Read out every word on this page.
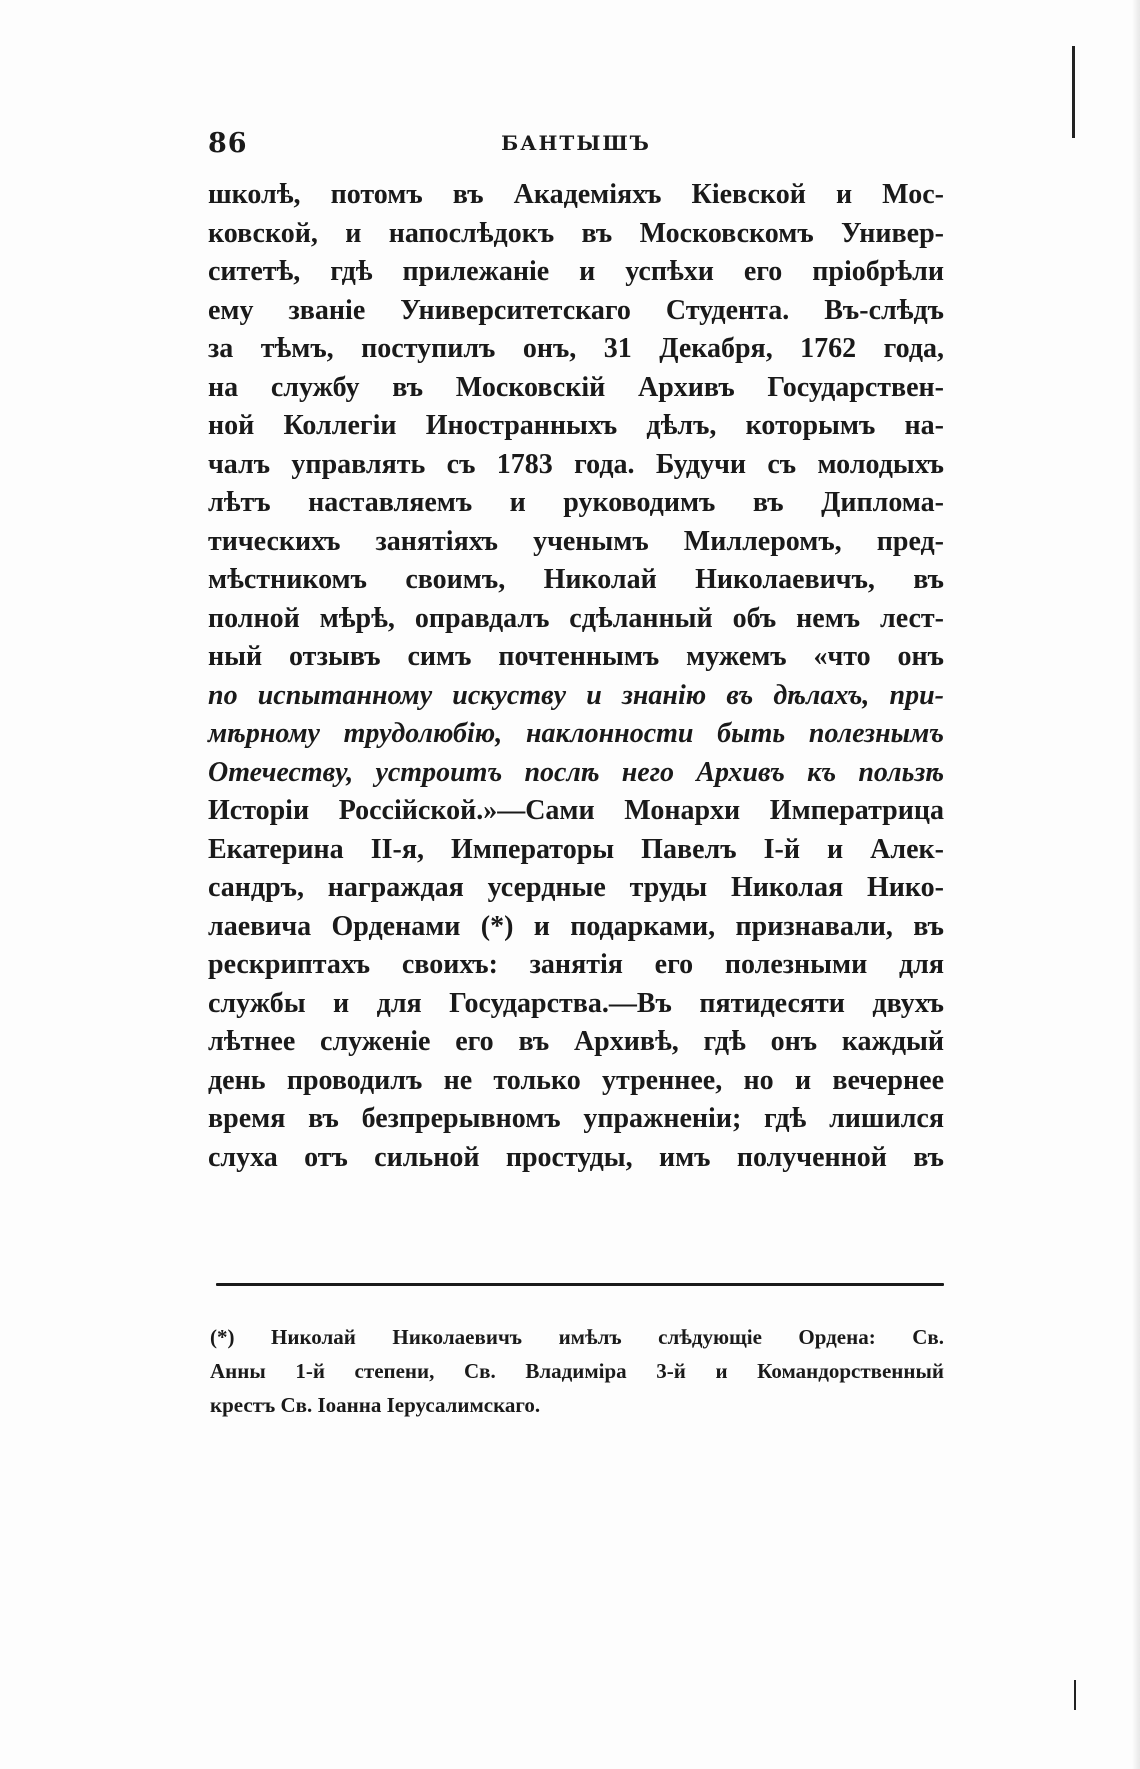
86	БАНТЫШЪ
школѣ, потомъ въ Академіяхъ Кіевской и Мос-
ковской, и напослѣдокъ въ Московскомъ Универ-
ситетѣ, гдѣ прилежаніе и успѣхи его пріобрѣли
ему званіе Университетскаго Студента. Въ-слѣдъ
за тѣмъ, поступилъ онъ, 31 Декабря, 1762 года,
на службу въ Московскій Архивъ Государствен-
ной Коллегіи Иностранныхъ дѣлъ, которымъ на-
чалъ управлять съ 1783 года. Будучи съ молодыхъ
лѣтъ наставляемъ и руководимъ въ Диплома-
тическихъ занятіяхъ ученымъ Миллеромъ, пред-
мѣстникомъ своимъ, Николай Николаевичъ, въ
полной мѣрѣ, оправдалъ сдѣланный объ немъ лест-
ный отзывъ симъ почтеннымъ мужемъ «что онъ
по испытанному искуству и знанію въ дѣлахъ, при-
мѣрному трудолюбію, наклонности быть полезнымъ
Отечеству, устроитъ послѣ него Архивъ къ пользѣ
Исторіи Россійской.»—Сами Монархи Императрица
Екатерина II-я, Императоры Павелъ I-й и Алек-
сандръ, награждая усердные труды Николая Нико-
лаевича Орденами (*) и подарками, признавали, въ
рескриптахъ своихъ: занятія его полезными для
службы и для Государства.—Въ пятидесяти двухъ
лѣтнее служеніе его въ Архивѣ, гдѣ онъ каждый
день проводилъ не только утреннее, но и вечернее
время въ безпрерывномъ упражненіи; гдѣ лишился
слуха отъ сильной простуды, имъ полученной въ
(*) Николай Николаевичъ имѣлъ слѣдующіе Ордена: Св.
Анны 1-й степени, Св. Владиміра 3-й и Командорственный
крестъ Св. Іоанна Іерусалимскаго.
